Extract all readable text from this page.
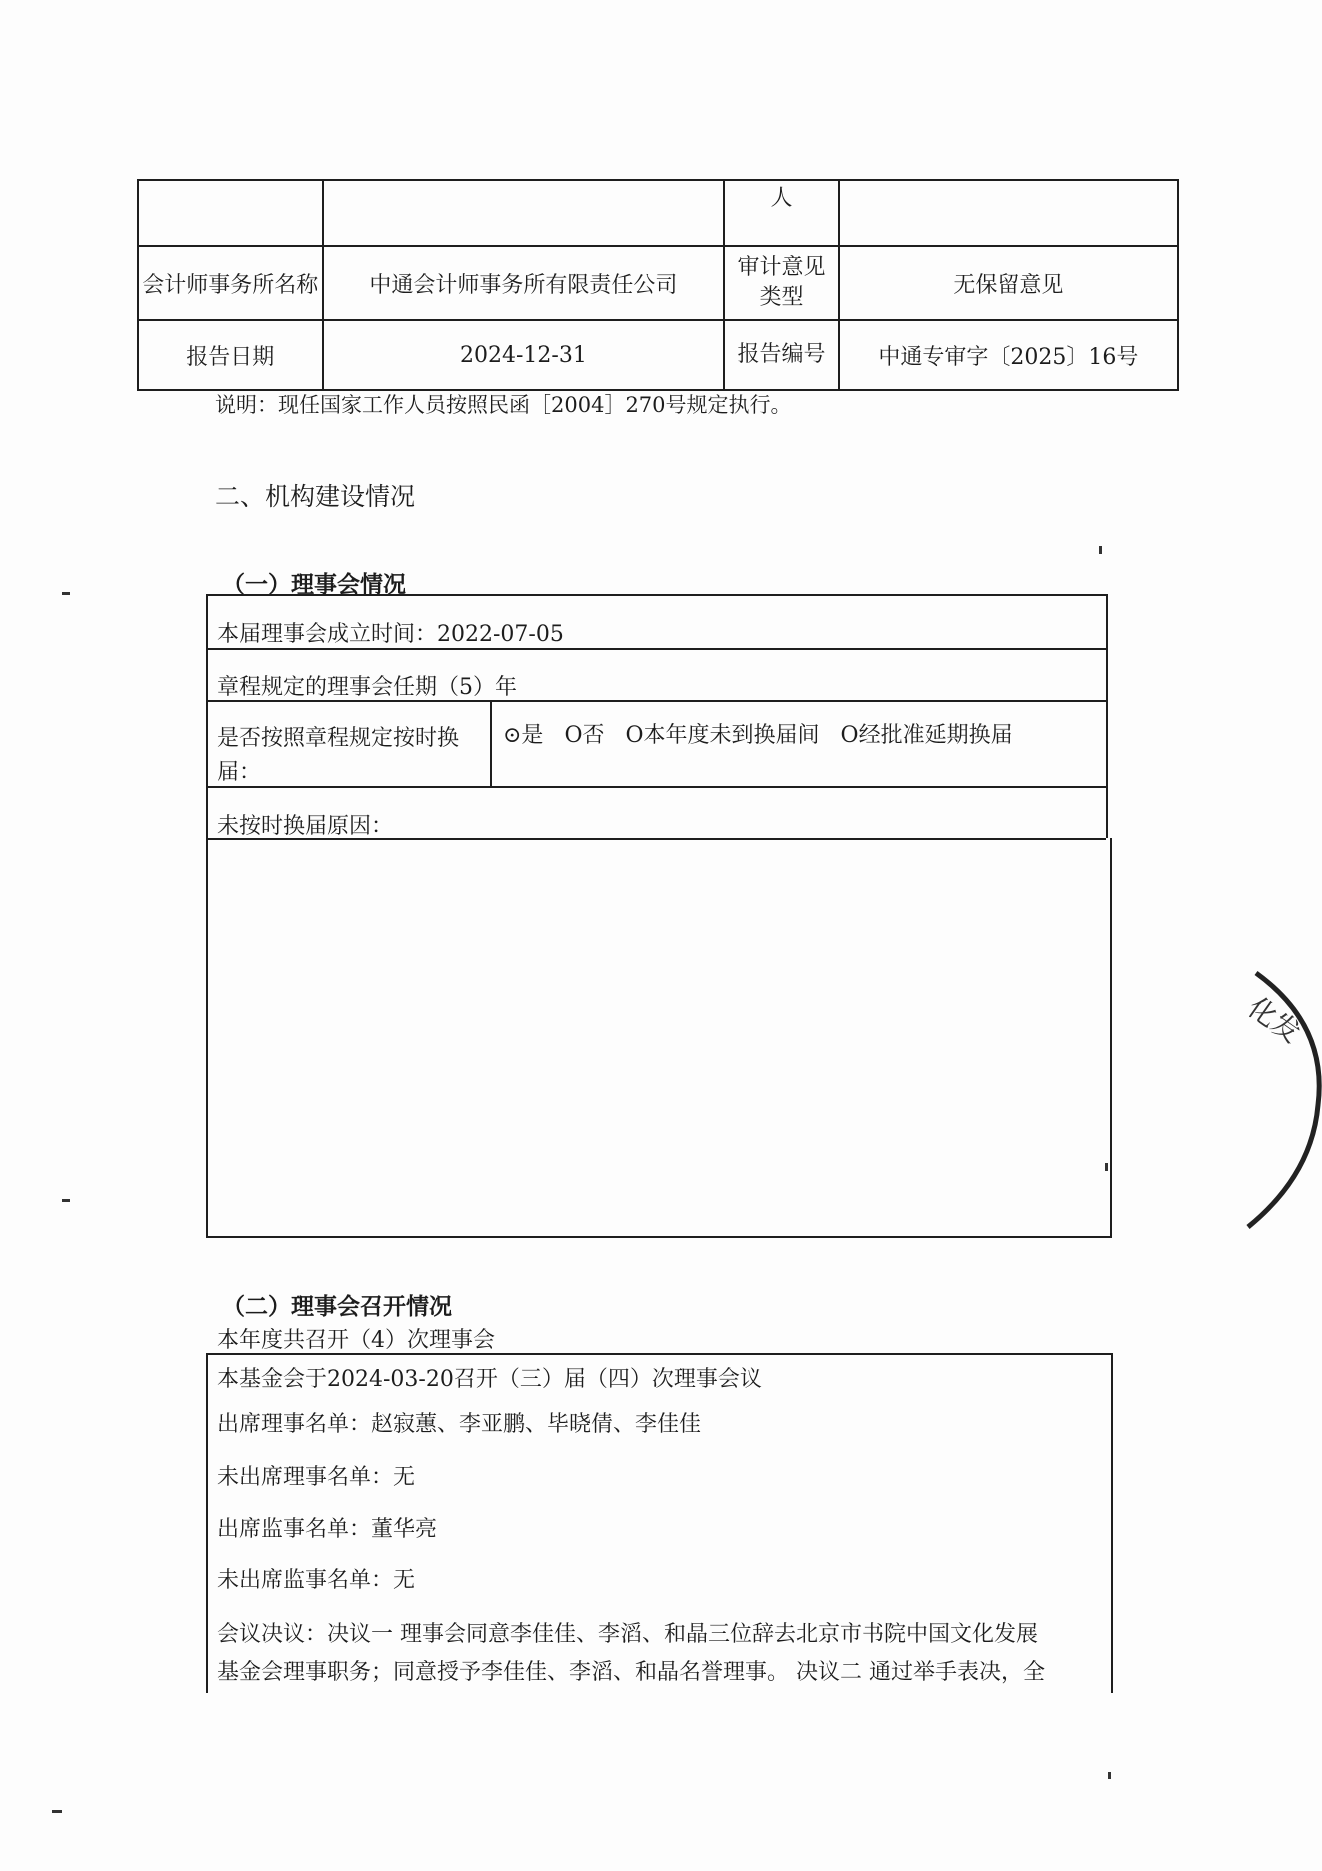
		人	
会计师事务所名称	中通会计师事务所有限责任公司	审计意见类型	无保留意见
报告日期	2024-12-31	报告编号	中通专审字〔2025〕16号
说明：现任国家工作人员按照民函［2004］270号规定执行。
二、机构建设情况
（一）理事会情况
本届理事会成立时间：2022-07-05
章程规定的理事会任期（5）年
是否按照章程规定按时换届：
⊙是 O否 O本年度未到换届间 O经批准延期换届
未按时换届原因：
（二）理事会召开情况
本年度共召开（4）次理事会
本基金会于2024-03-20召开（三）届（四）次理事会议
出席理事名单：赵寂蕙、李亚鹏、毕晓倩、李佳佳
未出席理事名单：无
出席监事名单：董华亮
未出席监事名单：无
会议决议：决议一 理事会同意李佳佳、李滔、和晶三位辞去北京市书院中国文化发展
基金会理事职务；同意授予李佳佳、李滔、和晶名誉理事。 决议二 通过举手表决，全
化发
